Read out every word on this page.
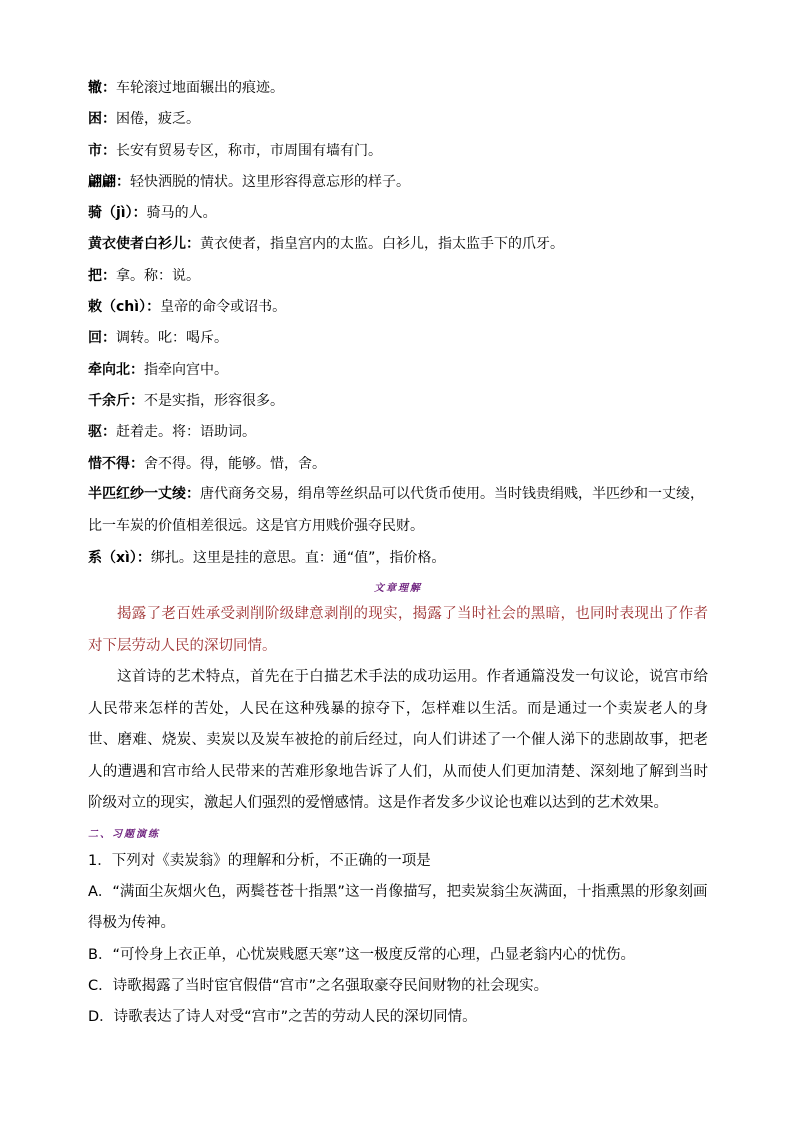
辙：车轮滚过地面辗出的痕迹。
困：困倦，疲乏。
市：长安有贸易专区，称市，市周围有墙有门。
翩翩：轻快洒脱的情状。这里形容得意忘形的样子。
骑（jì）：骑马的人。
黄衣使者白衫儿：黄衣使者，指皇宫内的太监。白衫儿，指太监手下的爪牙。
把：拿。称：说。
敕（chì）：皇帝的命令或诏书。
回：调转。叱：喝斥。
牵向北：指牵向宫中。
千余斤：不是实指，形容很多。
驱：赶着走。将：语助词。
惜不得：舍不得。得，能够。惜，舍。
半匹红纱一丈绫：唐代商务交易，绢帛等丝织品可以代货币使用。当时钱贵绢贱，半匹纱和一丈绫，比一车炭的价值相差很远。这是官方用贱价强夺民财。
系（xì）：绑扎。这里是挂的意思。直：通“值”，指价格。
文章理解

揭露了老百姓承受剥削阶级肆意剥削的现实，揭露了当时社会的黑暗，也同时表现出了作者对下层劳动人民的深切同情。

这首诗的艺术特点，首先在于白描艺术手法的成功运用。作者通篇没发一句议论，说宫市给人民带来怎样的苦处，人民在这种残暴的掠夺下，怎样难以生活。而是通过一个卖炭老人的身世、磨难、烧炭、卖炭以及炭车被抢的前后经过，向人们讲述了一个催人涕下的悲剧故事，把老人的遭遇和宫市给人民带来的苦难形象地告诉了人们，从而使人们更加清楚、深刻地了解到当时阶级对立的现实，激起人们强烈的爱憎感情。这是作者发多少议论也难以达到的艺术效果。

二、习题演练

1．下列对《卖炭翁》的理解和分析，不正确的一项是

A．“满面尘灰烟火色，两鬓苍苍十指黑”这一肖像描写，把卖炭翁尘灰满面，十指熏黑的形象刻画得极为传神。

B．“可怜身上衣正单，心忧炭贱愿天寒”这一极度反常的心理，凸显老翁内心的忧伤。

C．诗歌揭露了当时宦官假借“宫市”之名强取豪夺民间财物的社会现实。

D．诗歌表达了诗人对受“宫市”之苦的劳动人民的深切同情。
